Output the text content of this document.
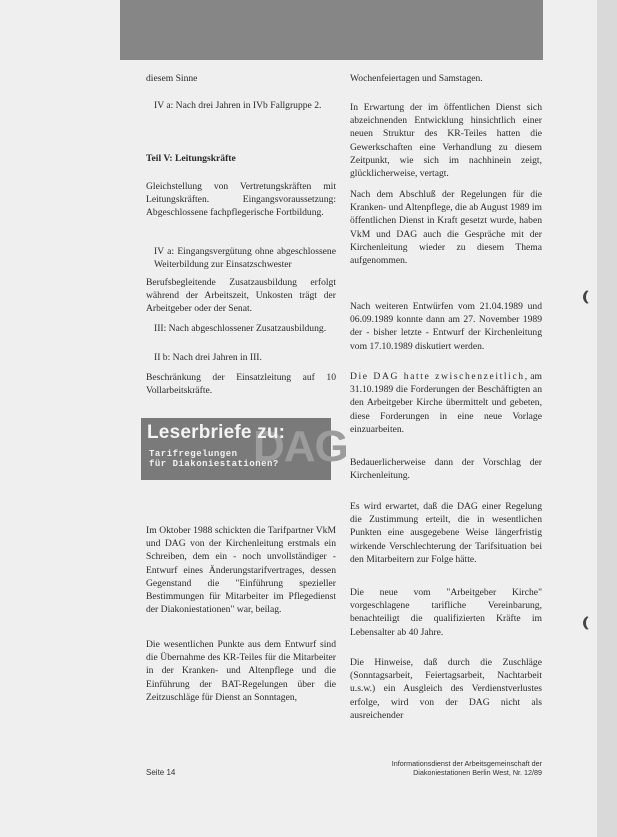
diesem Sinne

IV a: Nach drei Jahren in IVb Fallgruppe 2.

Teil V: Leitungskräfte

Gleichstellung von Vertretungskräften mit Leitungskräften. Eingangsvoraussetzung: Abgeschlossene fachpflegerische Fortbildung.

IV a: Eingangsvergütung ohne abgeschlossene Weiterbildung zur Einsatzschwester

Berufsbegleitende Zusatzausbildung erfolgt während der Arbeitszeit, Unkosten trägt der Arbeitgeber oder der Senat.

III: Nach abgeschlossener Zusatzausbildung.

II b: Nach drei Jahren in III.

Beschränkung der Einsatzleitung auf 10 Vollarbeitskräfte.

DAG
Leserbriefe zu:
Tarifregelungen
für Diakoniestationen?

Im Oktober 1988 schickten die Tarifpartner VkM und DAG von der Kirchenleitung erstmals ein Schreiben, dem ein - noch unvollständiger - Entwurf eines Änderungstarifvertrages, dessen Gegenstand die "Einführung spezieller Bestimmungen für Mitarbeiter im Pflegedienst der Diakoniestationen" war, beilag.

Die wesentlichen Punkte aus dem Entwurf sind die Übernahme des KR-Teiles für die Mitarbeiter in der Kranken- und Altenpflege und die Einführung der BAT-Regelungen über die Zeitzuschläge für Dienst an Sonntagen,

Wochenfeiertagen und Samstagen.

In Erwartung der im öffentlichen Dienst sich abzeichnenden Entwicklung hinsichtlich einer neuen Struktur des KR-Teiles hatten die Gewerkschaften eine Verhandlung zu diesem Zeitpunkt, wie sich im nachhinein zeigt, glücklicherweise, vertagt.

Nach dem Abschluß der Regelungen für die Kranken- und Altenpflege, die ab August 1989 im öffentlichen Dienst in Kraft gesetzt wurde, haben VkM und DAG auch die Gespräche mit der Kirchenleitung wieder zu diesem Thema aufgenommen.

Nach weiteren Entwürfen vom 21.04.1989 und 06.09.1989 konnte dann am 27. November 1989 der - bisher letzte - Entwurf der Kirchenleitung vom 17.10.1989 diskutiert werden.

Die DAG hatte zwischenzeitlich, am 31.10.1989 die Forderungen der Beschäftigten an den Arbeitgeber Kirche übermittelt und gebeten, diese Forderungen in eine neue Vorlage einzuarbeiten.

Bedauerlicherweise dann der Vorschlag der Kirchenleitung.

Es wird erwartet, daß die DAG einer Regelung die Zustimmung erteilt, die in wesentlichen Punkten eine ausgegebene Weise längerfristig wirkende Verschlechterung der Tarifsituation bei den Mitarbeitern zur Folge hätte.

Die neue vom "Arbeitgeber Kirche" vorgeschlagene tarifliche Vereinbarung, benachteiligt die qualifizierten Kräfte im Lebensalter ab 40 Jahre.

Die Hinweise, daß durch die Zuschläge (Sonntagsarbeit, Feiertagsarbeit, Nachtarbeit u.s.w.) ein Ausgleich des Verdienstverlustes erfolge, wird von der DAG nicht als ausreichender

Seite 14
Informationsdienst der Arbeitsgemeinschaft der
Diakoniestationen Berlin West, Nr. 12/89
